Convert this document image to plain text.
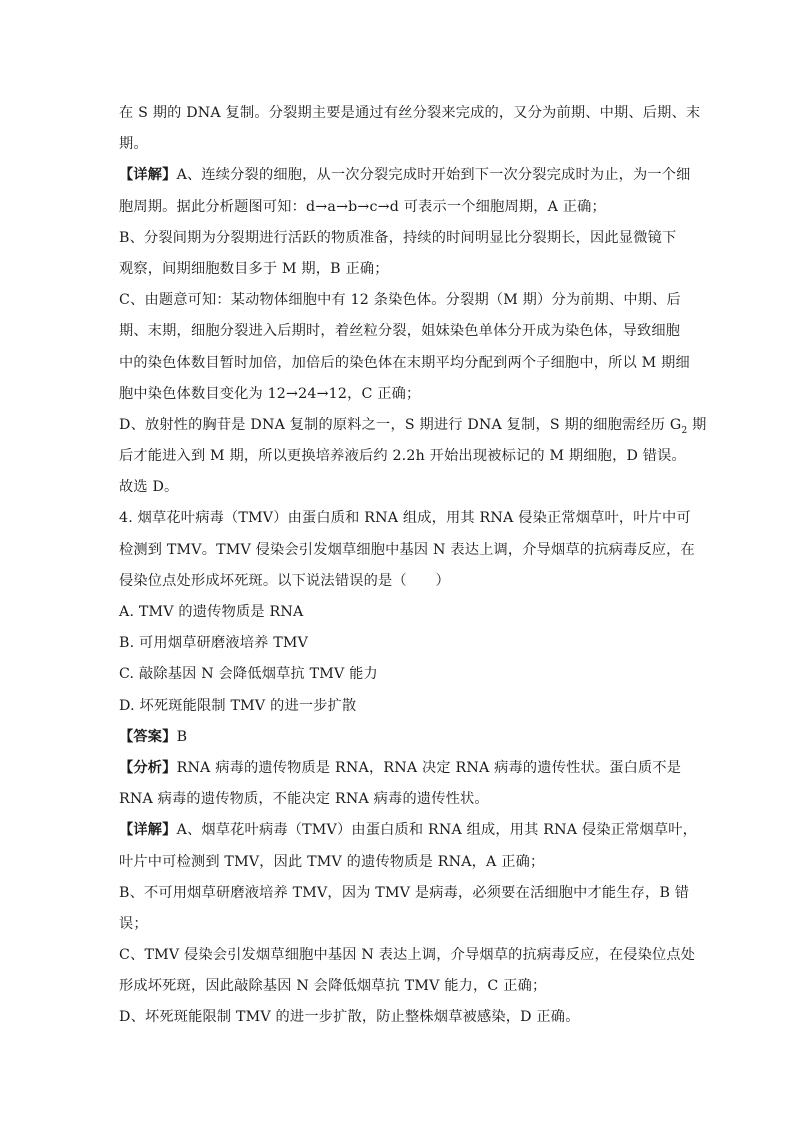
在 S 期的 DNA 复制。分裂期主要是通过有丝分裂来完成的，又分为前期、中期、后期、末
期。
【详解】A、连续分裂的细胞，从一次分裂完成时开始到下一次分裂完成时为止，为一个细
胞周期。据此分析题图可知：d→a→b→c→d 可表示一个细胞周期，A 正确；
B、分裂间期为分裂期进行活跃的物质准备，持续的时间明显比分裂期长，因此显微镜下
观察，间期细胞数目多于 M 期，B 正确；
C、由题意可知：某动物体细胞中有 12 条染色体。分裂期（M 期）分为前期、中期、后
期、末期，细胞分裂进入后期时，着丝粒分裂，姐妹染色单体分开成为染色体，导致细胞
中的染色体数目暂时加倍，加倍后的染色体在末期平均分配到两个子细胞中，所以 M 期细
胞中染色体数目变化为 12→24→12，C 正确；
D、放射性的胸苷是 DNA 复制的原料之一，S 期进行 DNA 复制，S 期的细胞需经历 $G_2$ 期
后才能进入到 M 期，所以更换培养液后约 2.2h 开始出现被标记的 M 期细胞，D 错误。
故选 D。
4. 烟草花叶病毒（TMV）由蛋白质和 RNA 组成，用其 RNA 侵染正常烟草叶，叶片中可
检测到 TMV。TMV 侵染会引发烟草细胞中基因 N 表达上调，介导烟草的抗病毒反应，在
侵染位点处形成坏死斑。以下说法错误的是（　　）
A. TMV 的遗传物质是 RNA
B. 可用烟草研磨液培养 TMV
C. 敲除基因 N 会降低烟草抗 TMV 能力
D. 坏死斑能限制 TMV 的进一步扩散
【答案】B
【分析】RNA 病毒的遗传物质是 RNA，RNA 决定 RNA 病毒的遗传性状。蛋白质不是
RNA 病毒的遗传物质，不能决定 RNA 病毒的遗传性状。
【详解】A、烟草花叶病毒（TMV）由蛋白质和 RNA 组成，用其 RNA 侵染正常烟草叶，
叶片中可检测到 TMV，因此 TMV 的遗传物质是 RNA，A 正确；
B、不可用烟草研磨液培养 TMV，因为 TMV 是病毒，必须要在活细胞中才能生存，B 错
误；
C、TMV 侵染会引发烟草细胞中基因 N 表达上调，介导烟草的抗病毒反应，在侵染位点处
形成坏死斑，因此敲除基因 N 会降低烟草抗 TMV 能力，C 正确；
D、坏死斑能限制 TMV 的进一步扩散，防止整株烟草被感染，D 正确。
